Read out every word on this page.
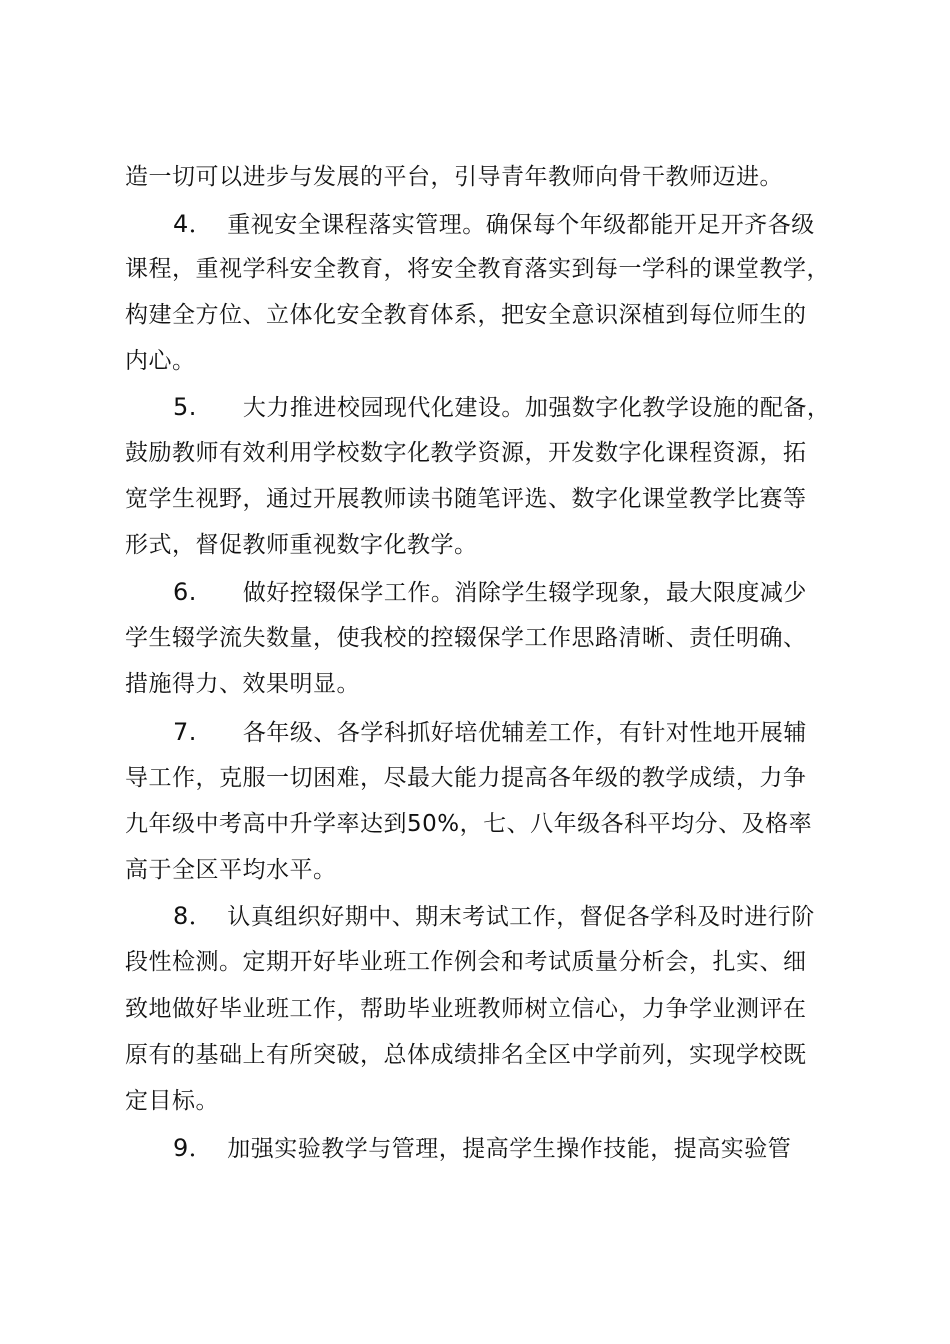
造一切可以进步与发展的平台，引导青年教师向骨干教师迈进。
4． 重视安全课程落实管理。确保每个年级都能开足开齐各级
课程，重视学科安全教育，将安全教育落实到每一学科的课堂教学，
构建全方位、立体化安全教育体系，把安全意识深植到每位师生的
内心。
5. 大力推进校园现代化建设。加强数字化教学设施的配备，
鼓励教师有效利用学校数字化教学资源，开发数字化课程资源，拓
宽学生视野，通过开展教师读书随笔评选、数字化课堂教学比赛等
形式，督促教师重视数字化教学。
6. 做好控辍保学工作。消除学生辍学现象，最大限度减少
学生辍学流失数量，使我校的控辍保学工作思路清晰、责任明确、
措施得力、效果明显。
7. 各年级、各学科抓好培优辅差工作，有针对性地开展辅
导工作，克服一切困难，尽最大能力提高各年级的教学成绩，力争
九年级中考高中升学率达到50%，七、八年级各科平均分、及格率
高于全区平均水平。
8． 认真组织好期中、期末考试工作，督促各学科及时进行阶
段性检测。定期开好毕业班工作例会和考试质量分析会，扎实、细
致地做好毕业班工作，帮助毕业班教师树立信心，力争学业测评在
原有的基础上有所突破，总体成绩排名全区中学前列，实现学校既
定目标。
9． 加强实验教学与管理，提高学生操作技能，提高实验管
